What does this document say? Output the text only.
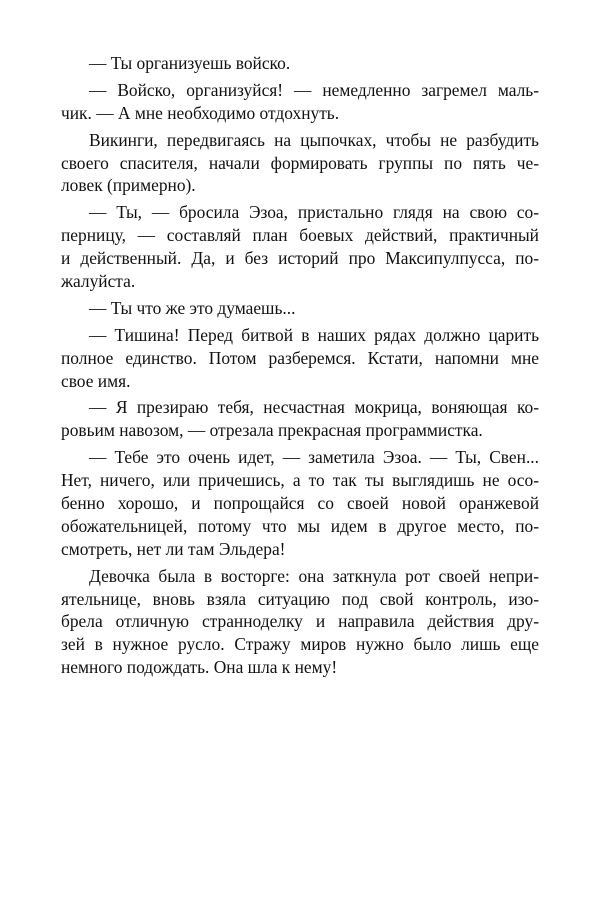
— Ты организуешь войско.
— Войско, организуйся! — немедленно загремел маль-
чик. — А мне необходимо отдохнуть.
Викинги, передвигаясь на цыпочках, чтобы не разбудить
своего спасителя, начали формировать группы по пять че-
ловек (примерно).
— Ты, — бросила Эзоа, пристально глядя на свою со-
перницу, — составляй план боевых действий, практичный
и действенный. Да, и без историй про Максипулпусса, по-
жалуйста.
— Ты что же это думаешь...
— Тишина! Перед битвой в наших рядах должно царить
полное единство. Потом разберемся. Кстати, напомни мне
свое имя.
— Я презираю тебя, несчастная мокрица, воняющая ко-
ровьим навозом, — отрезала прекрасная программистка.
— Тебе это очень идет, — заметила Эзоа. — Ты, Свен...
Нет, ничего, или причешись, а то так ты выглядишь не осо-
бенно хорошо, и попрощайся со своей новой оранжевой
обожательницей, потому что мы идем в другое место, по-
смотреть, нет ли там Эльдера!
Девочка была в восторге: она заткнула рот своей непри-
ятельнице, вновь взяла ситуацию под свой контроль, изо-
брела отличную странноделку и направила действия дру-
зей в нужное русло. Стражу миров нужно было лишь еще
немного подождать. Она шла к нему!
